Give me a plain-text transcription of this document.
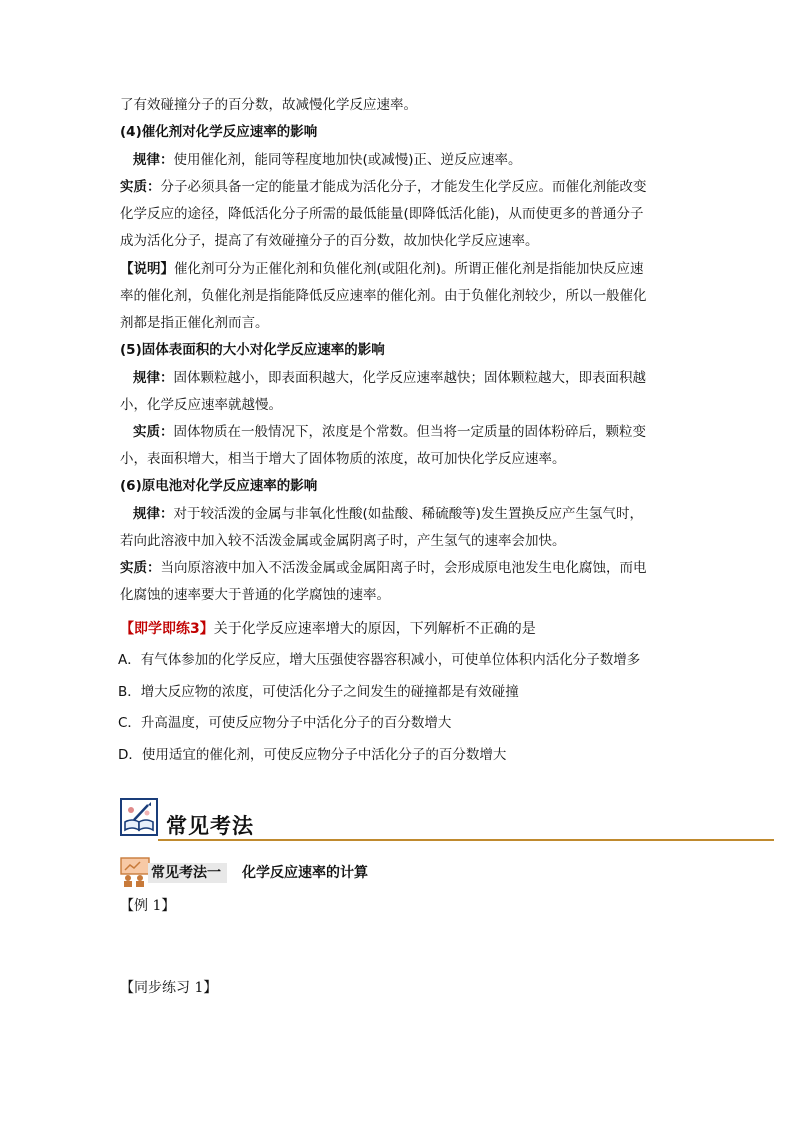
了有效碰撞分子的百分数，故减慢化学反应速率。
(4)催化剂对化学反应速率的影响
规律：使用催化剂，能同等程度地加快(或减慢)正、逆反应速率。
实质：分子必须具备一定的能量才能成为活化分子，才能发生化学反应。而催化剂能改变
化学反应的途径，降低活化分子所需的最低能量(即降低活化能)，从而使更多的普通分子
成为活化分子，提高了有效碰撞分子的百分数，故加快化学反应速率。
【说明】催化剂可分为正催化剂和负催化剂(或阻化剂)。所谓正催化剂是指能加快反应速
率的催化剂，负催化剂是指能降低反应速率的催化剂。由于负催化剂较少，所以一般催化
剂都是指正催化剂而言。
(5)固体表面积的大小对化学反应速率的影响
规律：固体颗粒越小，即表面积越大，化学反应速率越快；固体颗粒越大，即表面积越
小，化学反应速率就越慢。
实质：固体物质在一般情况下，浓度是个常数。但当将一定质量的固体粉碎后，颗粒变
小，表面积增大，相当于增大了固体物质的浓度，故可加快化学反应速率。
(6)原电池对化学反应速率的影响
规律：对于较活泼的金属与非氧化性酸(如盐酸、稀硫酸等)发生置换反应产生氢气时，
若向此溶液中加入较不活泼金属或金属阴离子时，产生氢气的速率会加快。
实质：当向原溶液中加入不活泼金属或金属阳离子时，会形成原电池发生电化腐蚀，而电
化腐蚀的速率要大于普通的化学腐蚀的速率。
【即学即练3】关于化学反应速率增大的原因，下列解析不正确的是
A．有气体参加的化学反应，增大压强使容器容积减小，可使单位体积内活化分子数增多
B．增大反应物的浓度，可使活化分子之间发生的碰撞都是有效碰撞
C．升高温度，可使反应物分子中活化分子的百分数增大
D．使用适宜的催化剂，可使反应物分子中活化分子的百分数增大
常见考法
常见考法一	化学反应速率的计算
【例 1】
【同步练习 1】
